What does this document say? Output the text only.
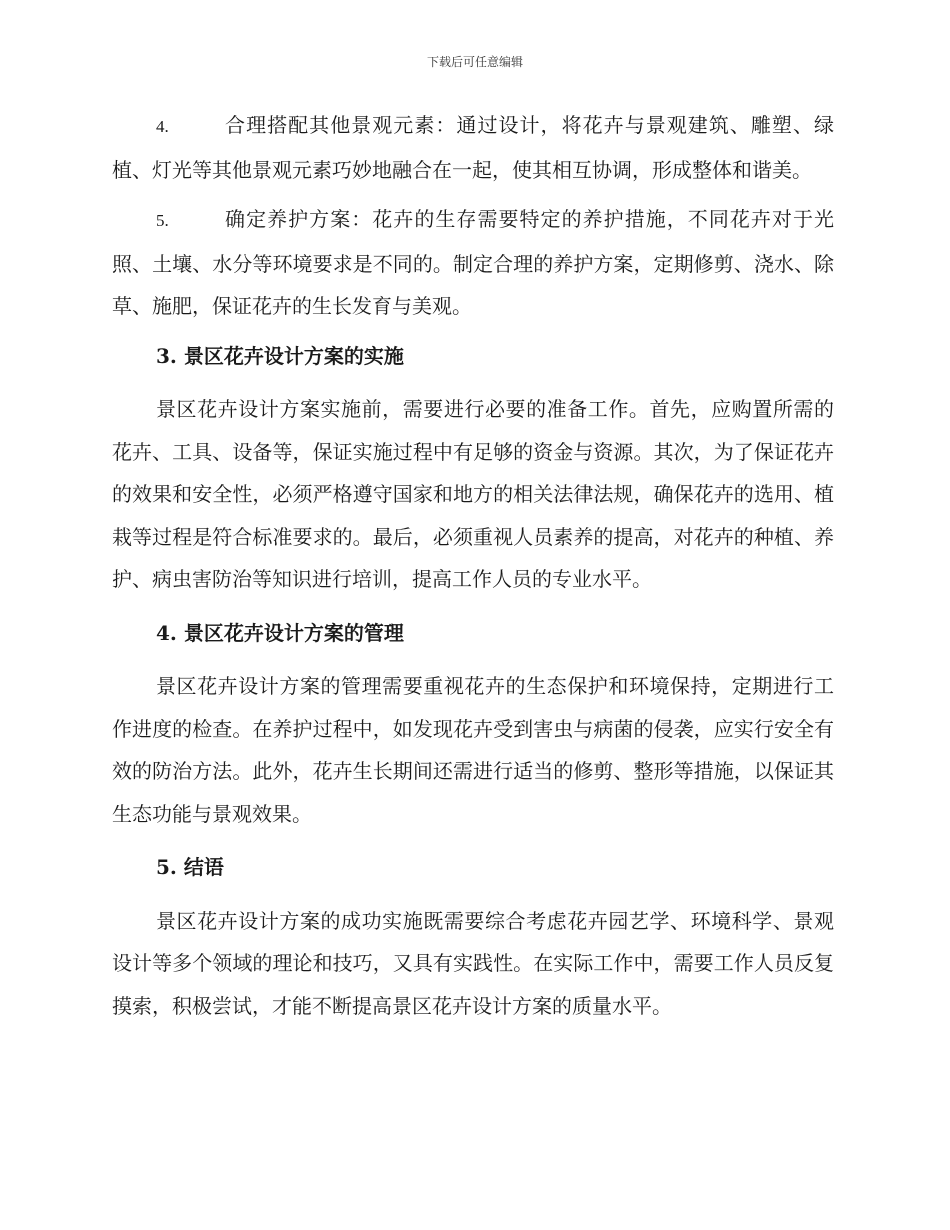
下载后可任意编辑

4.	合理搭配其他景观元素：通过设计，将花卉与景观建筑、雕塑、绿植、灯光等其他景观元素巧妙地融合在一起，使其相互协调，形成整体和谐美。

5.	确定养护方案：花卉的生存需要特定的养护措施，不同花卉对于光照、土壤、水分等环境要求是不同的。制定合理的养护方案，定期修剪、浇水、除草、施肥，保证花卉的生长发育与美观。

3. 景区花卉设计方案的实施

景区花卉设计方案实施前，需要进行必要的准备工作。首先，应购置所需的花卉、工具、设备等，保证实施过程中有足够的资金与资源。其次，为了保证花卉的效果和安全性，必须严格遵守国家和地方的相关法律法规，确保花卉的选用、植栽等过程是符合标准要求的。最后，必须重视人员素养的提高，对花卉的种植、养护、病虫害防治等知识进行培训，提高工作人员的专业水平。

4. 景区花卉设计方案的管理

景区花卉设计方案的管理需要重视花卉的生态保护和环境保持，定期进行工作进度的检查。在养护过程中，如发现花卉受到害虫与病菌的侵袭，应实行安全有效的防治方法。此外，花卉生长期间还需进行适当的修剪、整形等措施，以保证其生态功能与景观效果。

5. 结语

景区花卉设计方案的成功实施既需要综合考虑花卉园艺学、环境科学、景观设计等多个领域的理论和技巧，又具有实践性。在实际工作中，需要工作人员反复摸索，积极尝试，才能不断提高景区花卉设计方案的质量水平。
